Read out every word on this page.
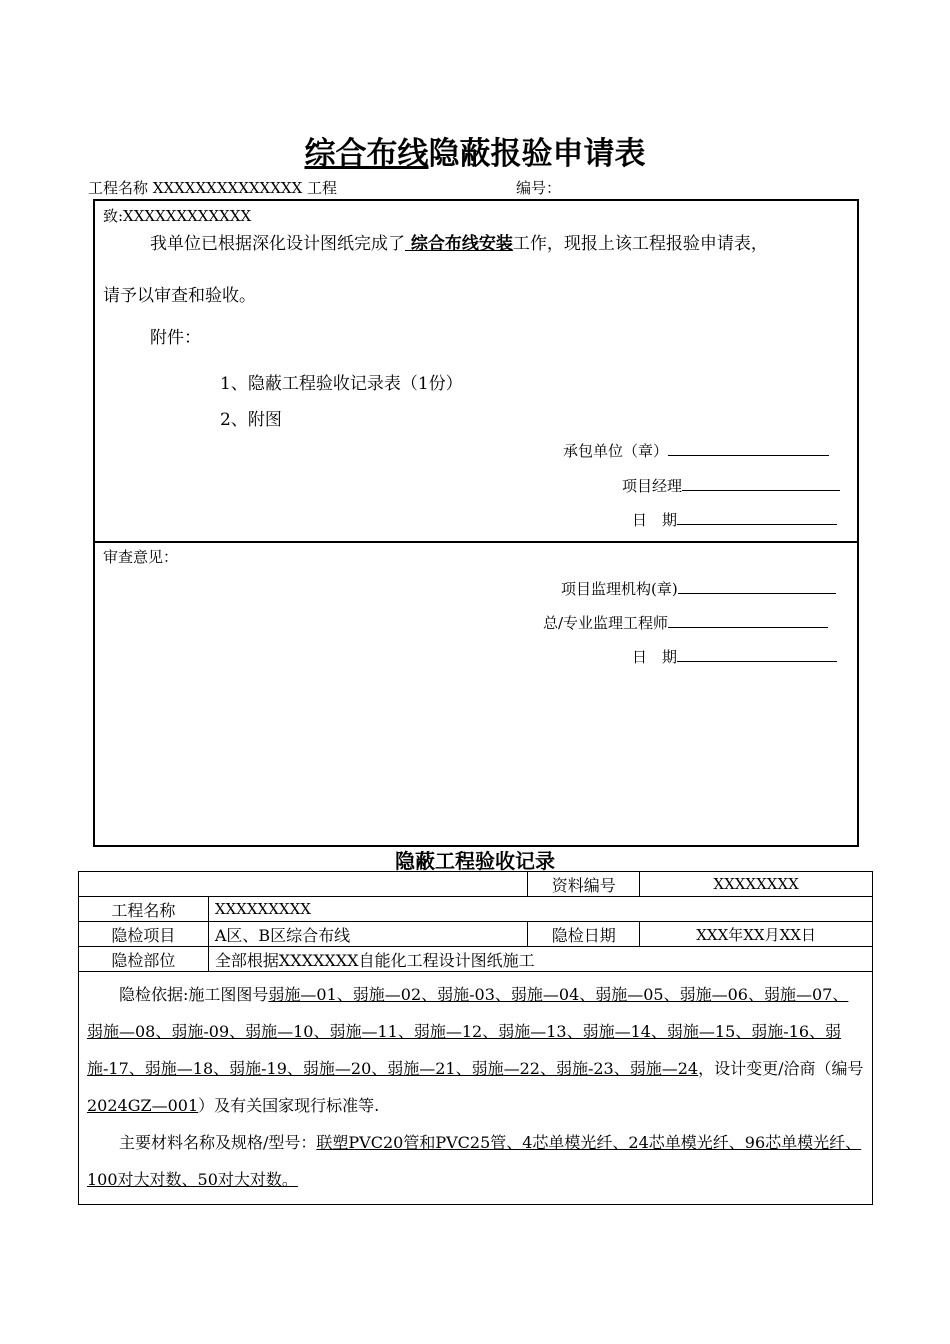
综合布线隐蔽报验申请表
工程名称 XXXXXXXXXXXXXX 工程	编号：
致:XXXXXXXXXXXX
我单位已根据深化设计图纸完成了 综合布线安装工作，现报上该工程报验申请表，
请予以审查和验收。
附件：
1、隐蔽工程验收记录表（1份）
2、附图
承包单位（章）
项目经理
日　期
审查意见：
项目监理机构(章)
总/专业监理工程师
日　期
隐蔽工程验收记录
		资料编号	XXXXXXXX
工程名称	XXXXXXXXX		
隐检项目	A区、B区综合布线	隐检日期	XXX年XX月XX日
隐检部位	全部根据XXXXXXX自能化工程设计图纸施工		

隐检依据:施工图图号弱施—01、弱施—02、弱施-03、弱施—04、弱施—05、弱施—06、弱施—07、弱施—08、弱施-09、弱施—10、弱施—11、弱施—12、弱施—13、弱施—14、弱施—15、弱施-16、弱施-17、弱施—18、弱施-19、弱施—20、弱施—21、弱施—22、弱施-23、弱施—24，设计变更/洽商（编号2024GZ—001）及有关国家现行标准等.
主要材料名称及规格/型号：联塑PVC20管和PVC25管、4芯单模光纤、24芯单模光纤、96芯单模光纤、100对大对数、50对大对数。			
